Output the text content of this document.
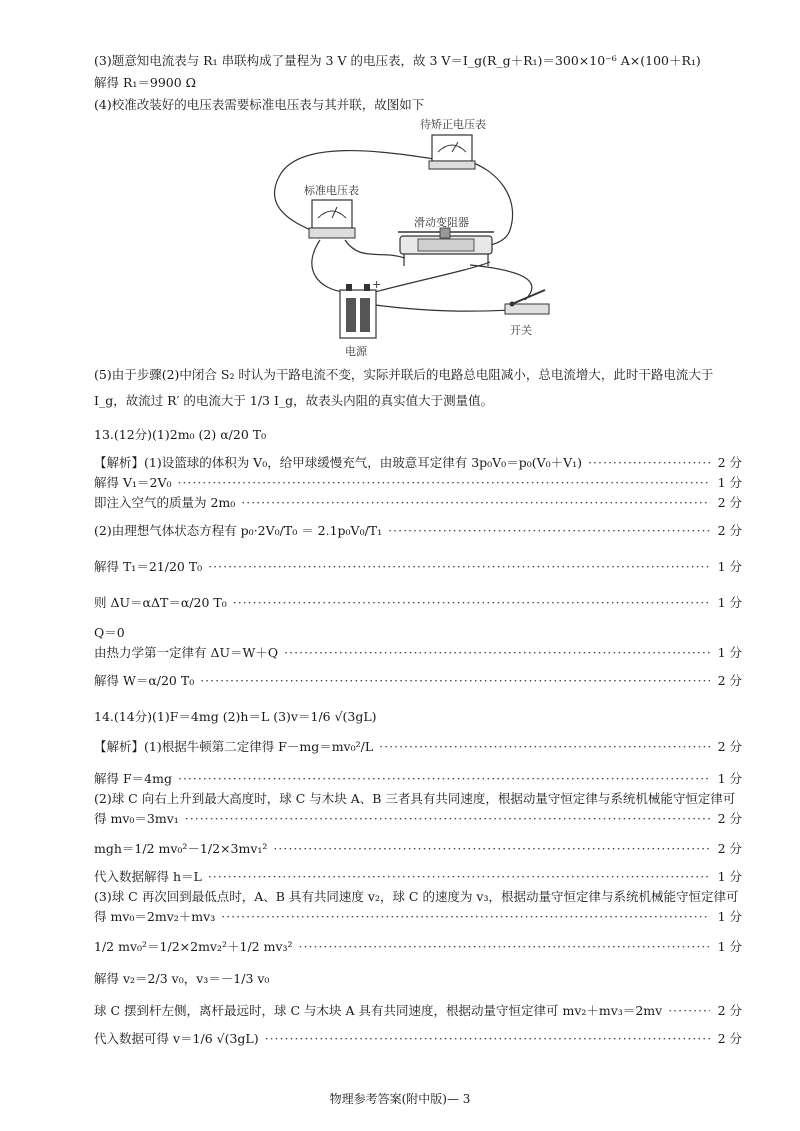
(3)题意知电流表与 R₁ 串联构成了量程为 3 V 的电压表，故 3 V＝I_g(R_g＋R₁)＝300×10⁻⁶ A×(100＋R₁)
解得 R₁＝9900 Ω
(4)校准改装好的电压表需要标准电压表与其并联，故图如下
待矫正电压表
标准电压表
滑动变阻器
+
电源
开关
(5)由于步骤(2)中闭合 S₂ 时认为干路电流不变，实际并联后的电路总电阻减小，总电流增大，此时干路电流大于
I_g，故流过 R′ 的电流大于 1/3 I_g，故表头内阻的真实值大于测量值。
13.(12分)(1)2m₀ (2) α/20 T₀
【解析】(1)设篮球的体积为 V₀，给甲球缓慢充气，由玻意耳定律有 3p₀V₀＝p₀(V₀＋V₁) ·····	2 分
解得 V₁＝2V₀ ·····	1 分
即注入空气的质量为 2m₀ ·····	2 分
(2)由理想气体状态方程有 p₀·2V₀/T₀ ＝ 2.1p₀V₀/T₁ ·····	2 分
解得 T₁＝21/20 T₀ ·····	1 分
则 ΔU＝αΔT＝α/20 T₀ ·····	1 分
Q＝0
由热力学第一定律有 ΔU＝W＋Q ·····	1 分
解得 W＝α/20 T₀ ·····	2 分
14.(14分)(1)F＝4mg (2)h＝L (3)v＝1/6 √(3gL)
【解析】(1)根据牛顿第二定律得 F－mg＝mv₀²/L ·····	2 分
解得 F＝4mg ·····	1 分
(2)球 C 向右上升到最大高度时，球 C 与木块 A、B 三者具有共同速度，根据动量守恒定律与系统机械能守恒定律可
得 mv₀＝3mv₁ ·····	2 分
mgh＝1/2 mv₀²－1/2×3mv₁² ·····	2 分
代入数据解得 h＝L ·····	1 分
(3)球 C 再次回到最低点时，A、B 具有共同速度 v₂，球 C 的速度为 v₃，根据动量守恒定律与系统机械能守恒定律可
得 mv₀＝2mv₂＋mv₃ ·····	1 分
1/2 mv₀²＝1/2×2mv₂²＋1/2 mv₃² ·····	1 分
解得 v₂＝2/3 v₀，v₃＝－1/3 v₀
球 C 摆到杆左侧，离杆最远时，球 C 与木块 A 具有共同速度，根据动量守恒定律可 mv₂＋mv₃＝2mv ·····	2 分
代入数据可得 v＝1/6 √(3gL) ·····	2 分
物理参考答案(附中版)— 3
